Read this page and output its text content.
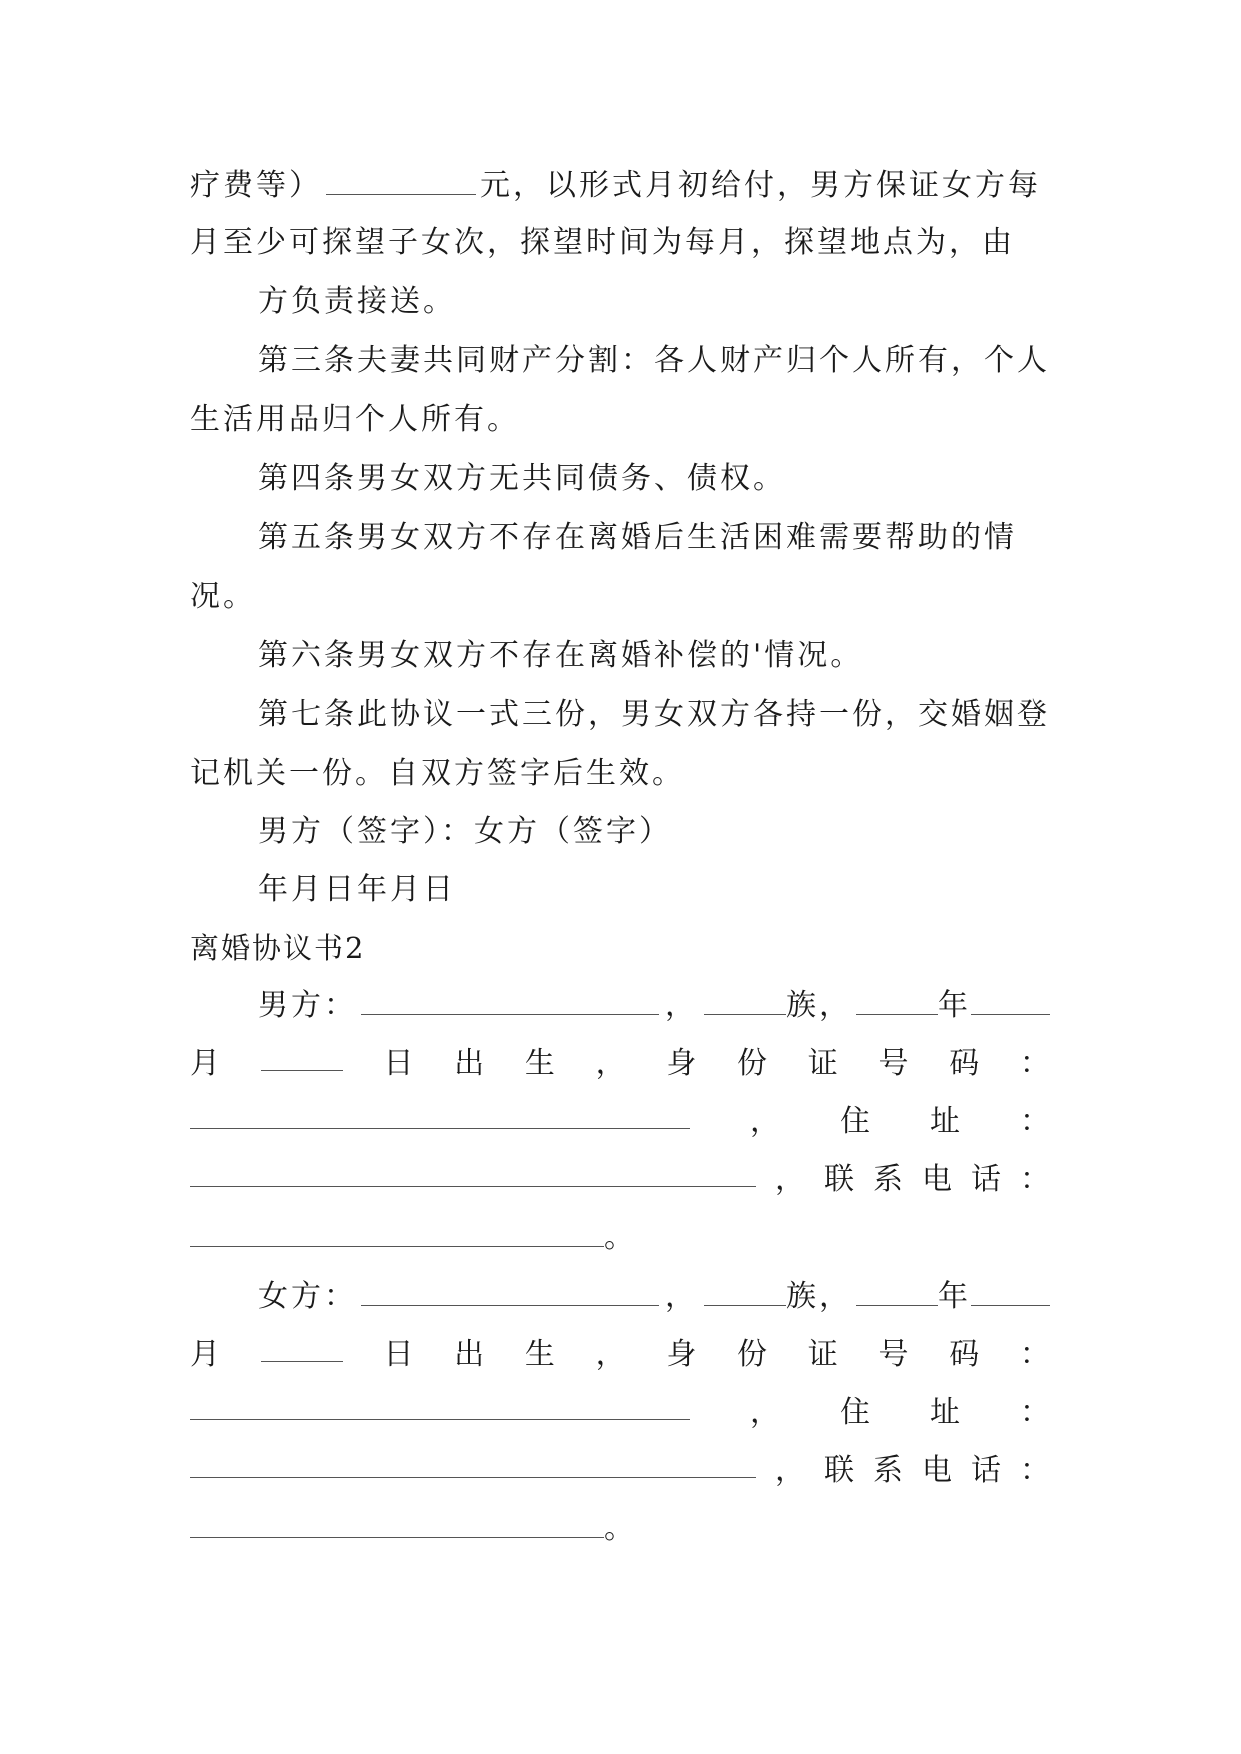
疗费等）	元，以形式月初给付，男方保证女方每
月至少可探望子女次，探望时间为每月，探望地点为，由
方负责接送。
第三条夫妻共同财产分割：各人财产归个人所有，个人
生活用品归个人所有。
第四条男女双方无共同债务、债权。
第五条男女双方不存在离婚后生活困难需要帮助的情
况。
第六条男女双方不存在离婚补偿的'情况。
第七条此协议一式三份，男女双方各持一份，交婚姻登
记机关一份。自双方签字后生效。
男方（签字）：女方（签字）
年月日年月日
离婚协议书2
男方：	，	族，	年
月	日 出 生 ， 身 份 证 号 码 ：
， 住 址 ：
， 联 系 电 话 ：
。
女方：	，	族，	年
月	日 出 生 ， 身 份 证 号 码 ：
， 住 址 ：
， 联 系 电 话 ：
。
